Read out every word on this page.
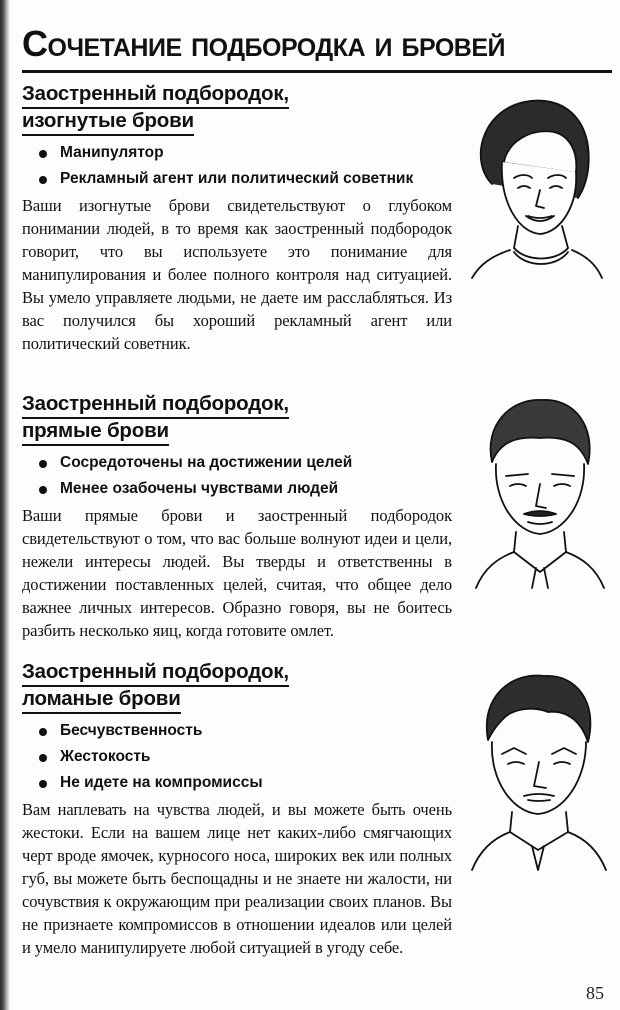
Сочетание подбородка и бровей
Заостренный подбородок,
изогнутые брови
Манипулятор
Рекламный агент или политический советник
Ваши изогнутые брови свидетельствуют о глубоком понимании людей, в то время как заостренный подбородок говорит, что вы используете это понимание для манипулирования и более полного контроля над ситуацией. Вы умело управляете людьми, не даете им расслабляться. Из вас получился бы хороший рекламный агент или политический советник.
Заостренный подбородок,
прямые брови
Сосредоточены на достижении целей
Менее озабочены чувствами людей
Ваши прямые брови и заостренный подбородок свидетельствуют о том, что вас больше волнуют идеи и цели, нежели интересы людей. Вы тверды и ответственны в достижении поставленных целей, считая, что общее дело важнее личных интересов. Образно говоря, вы не боитесь разбить несколько яиц, когда готовите омлет.
Заостренный подбородок,
ломаные брови
Бесчувственность
Жестокость
Не идете на компромиссы
Вам наплевать на чувства людей, и вы можете быть очень жестоки. Если на вашем лице нет каких-либо смягчающих черт вроде ямочек, курносого носа, широких век или полных губ, вы можете быть беспощадны и не знаете ни жалости, ни сочувствия к окружающим при реализации своих планов. Вы не признаете компромиссов в отношении идеалов или целей и умело манипулируете любой ситуацией в угоду себе.
85
